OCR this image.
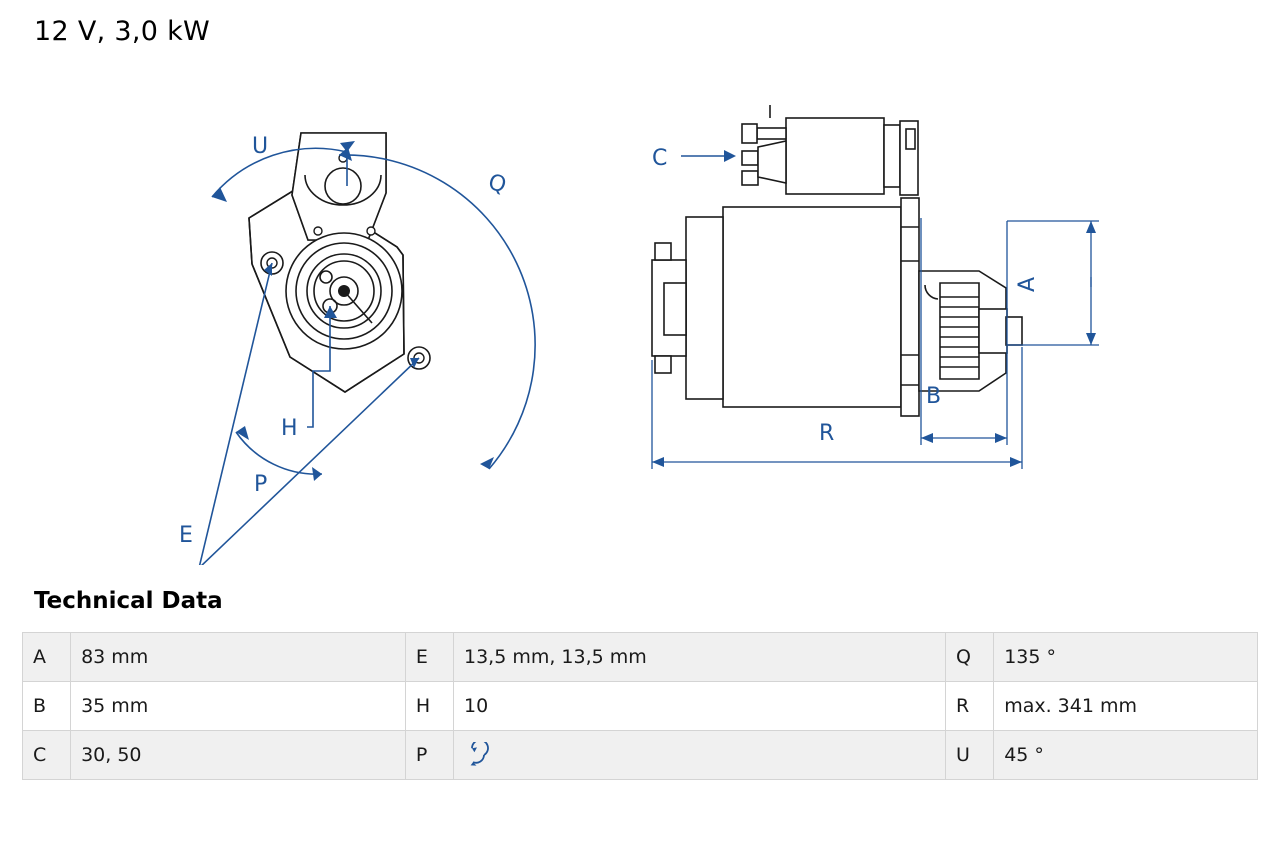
12 V, 3,0 kW
U
Q
H
P
E
C
A
B
R
Technical Data
A	83 mm	E	13,5 mm, 13,5 mm	Q	135 °
B	35 mm	H	10	R	max. 341 mm
C	30, 50	P		U	45 °
